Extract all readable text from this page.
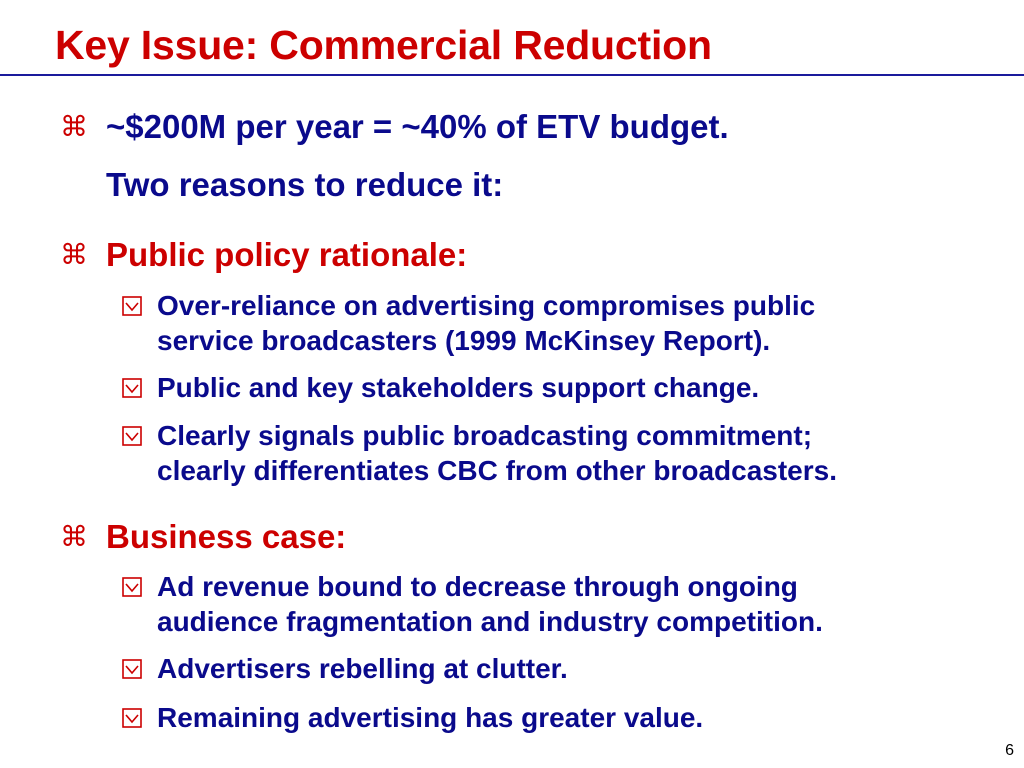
Key Issue: Commercial Reduction
⌘ ~$200M per year = ~40% of ETV budget.
Two reasons to reduce it:
⌘ Public policy rationale:
Over-reliance on advertising compromises public
service broadcasters (1999 McKinsey Report).
Public and key stakeholders support change.
Clearly signals public broadcasting commitment;
clearly differentiates CBC from other broadcasters.
⌘ Business case:
Ad revenue bound to decrease through ongoing
audience fragmentation and industry competition.
Advertisers rebelling at clutter.
Remaining advertising has greater value.
6
